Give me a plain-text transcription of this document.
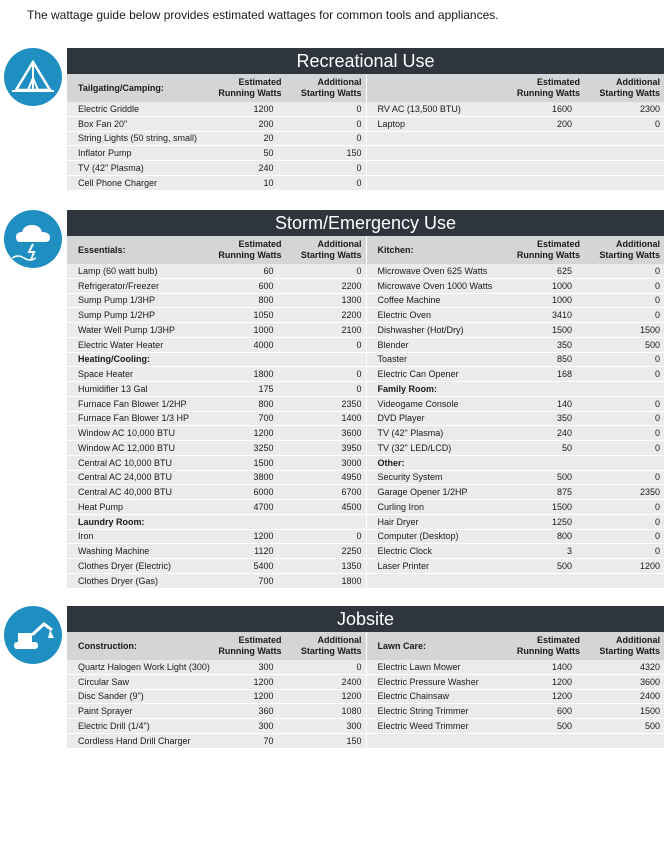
The wattage guide below provides estimated wattages for common tools and appliances.
Recreational Use
Tailgating/Camping:
Estimated
Running Watts
Additional
Starting Watts
Electric Griddle	1200	0
Box Fan 20"	200	0
String Lights (50 string, small)	20	0
Inflator Pump	50	150
TV (42" Plasma)	240	0
Cell Phone Charger	10	0
Estimated
Running Watts
Additional
Starting Watts
RV AC (13,500 BTU)	1600	2300
Laptop	200	0
Storm/Emergency Use
Essentials:
Estimated
Running Watts
Additional
Starting Watts
Lamp (60 watt bulb)	60	0
Refrigerator/Freezer	600	2200
Sump Pump 1/3HP	800	1300
Sump Pump 1/2HP	1050	2200
Water Well Pump 1/3HP	1000	2100
Electric Water Heater	4000	0
Heating/Cooling:
Space Heater	1800	0
Humidifier 13 Gal	175	0
Furnace Fan Blower 1/2HP	800	2350
Furnace Fan Blower 1/3 HP	700	1400
Window AC 10,000 BTU	1200	3600
Window AC 12,000 BTU	3250	3950
Central AC 10,000 BTU	1500	3000
Central AC 24,000 BTU	3800	4950
Central AC 40,000 BTU	6000	6700
Heat Pump	4700	4500
Laundry Room:
Iron	1200	0
Washing Machine	1120	2250
Clothes Dryer (Electric)	5400	1350
Clothes Dryer (Gas)	700	1800
Kitchen:
Estimated
Running Watts
Additional
Starting Watts
Microwave Oven 625 Watts	625	0
Microwave Oven 1000 Watts	1000	0
Coffee Machine	1000	0
Electric Oven	3410	0
Dishwasher (Hot/Dry)	1500	1500
Blender	350	500
Toaster	850	0
Electric Can Opener	168	0
Family Room:
Videogame Console	140	0
DVD Player	350	0
TV (42" Plasma)	240	0
TV (32" LED/LCD)	50	0
Other:
Security System	500	0
Garage Opener 1/2HP	875	2350
Curling Iron	1500	0
Hair Dryer	1250	0
Computer (Desktop)	800	0
Electric Clock	3	0
Laser Printer	500	1200
Jobsite
Construction:
Estimated
Running Watts
Additional
Starting Watts
Quartz Halogen Work Light (300)	300	0
Circular Saw	1200	2400
Disc Sander (9")	1200	1200
Paint Sprayer	360	1080
Electric Drill (1/4")	300	300
Cordless Hand Drill Charger	70	150
Lawn Care:
Estimated
Running Watts
Additional
Starting Watts
Electric Lawn Mower	1400	4320
Electric Pressure Washer	1200	3600
Electric Chainsaw	1200	2400
Electric String Trimmer	600	1500
Electric Weed Trimmer	500	500
